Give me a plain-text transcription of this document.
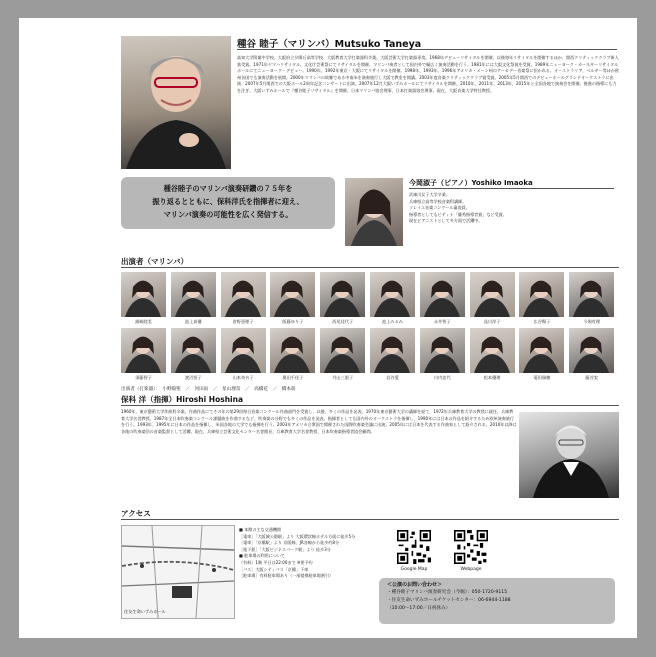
種谷 睦子（マリンバ）Mutsuko Taneya
高知大学附属中学校、大阪府立夕陽丘高等学校、大阪教育大学打楽器科卒業。大阪芸術大学打楽器専攻。1968年デビューリサイタルを開催。以後毎年リサイタルを開催するほか、関西クリティッククラブ新人賞受賞。1971年ヤマハリサイタル、文化庁芸術祭にてリサイタルを開催。マリンバ奏者として国内外で幅広く演奏活動を行う。1981年には大阪文化祭賞を受賞。1989年ニューヨーク・カーネギーリサイタルホールにてニューヨーク・デビュー。1990年、1992年東京・大阪にてリサイタルを開催。1998年、1993年、1996年アメリカ・メーン州のアーカデー音楽祭に招かれる。オーストラリア、ベルギー等ほか欧州各国でも演奏活動を展開。2000年マリンバの故郷である中南米を演奏旅行し大阪で教室を開講。2003年度音楽クリティッククラブ賞受賞。2005年5月関西でのデビューホールグランドオーケストラに出演、2007年5月関西での大阪ホール2周年記念コンサートに出演。2007年12月大阪いずみホールにてリサイタルを開催。2010年、2011年、2013年、2015年と全国各地で演奏会を開催。後進の指導にも力を注ぎ、大阪いずみホールで『種谷睦子リサイタル』を開催。日本マリンバ協会理事、日本打楽器協会理事。現在、大阪音楽大学特任教授。
種谷睦子のマリンバ演奏研鑽の７５年を
振り返るとともに、保科洋氏を指揮者に迎え、
マリンバ演奏の可能性を広く発信する。
今岡淑子（ピアノ）Yoshiko Imaoka
武庫川女子大学卒業。
兵庫県立高等学校音楽科講師。
ソレイユ音楽コンクール審査員。
指導者としてもピティナ「優秀指導者賞」など受賞。
現在ピアニストとして多方面で活躍中。
出演者（マリンバ）
浦崎睦美	池上真優	倉野恵理子	阪藤ゆり子	西尾佳代子	池上みるみ	永井智子	品川淳子	広谷陽子	今堀有理
須藤智子	渡辺恒子	山本奈衣子	奥田千佳子	丹山三重子	岩谷愛	川内忠代	松本優理	菱田瑞穂	藤谷実
出演者（打楽器）：　小野陽聖　／　河田雨　／　星山理奈　／　高橋花　／　橋本萌
保科 洋（指揮）Hiroshi Hoshina
1960年、東京藝術大学作曲科卒業。作曲作品にてその年の第29回毎日音楽コンクール作曲部門を受賞し、以後、多くの作品を発表。1970年東京藝術大学の講師を経て、1972年兵庫教育大学の教授に就任。兵庫教育大学名誉教授。1987年全日本吹奏楽コンクール課題曲を作曲するなど、吹奏楽の分野でも多くの作品を発表。指揮者としても国内外のオーケストラを指揮し、1990年には日本の作品を紹介するため欧州演奏旅行を行う。1993年、1995年に日本の作品を指揮し、米国各地の大学でも指揮を行う。2003年アメリカ合衆国で開催された国際吹奏楽会議に出演。2005年には日本を代表する作曲家として紹介される。2010年以降は各地の吹奏楽団の音楽監督として活躍。現在、兵庫県立芸術文化センター名誉館長、兵庫教育大学名誉教授、日本吹奏楽指導者協会顧問。
アクセス
住友生命いずみホール
■ 本館の主な交通機関
［電車］「大阪城公園駅」より 大阪環状線ホテル方面に徒歩5分
［電車］「京橋駅」より 京阪線、JR各線から徒歩約8分
［地下鉄］「大阪ビジネスパーク駅」より 徒歩3分
■ 駐車場の利用について
（有料）1階 平日は22:00まで ※要予約
［バス］大阪シティバス「京橋」下車
［駐車場］有料駐車場あり（一部提携駐車場割引）
Google Map	Webpage
＜公演のお問い合わせ＞
・種谷睦子マリンバ演奏研究会（今堀）：050-1720-9115
・住友生命いずみホールチケットセンター：06-6944-1188
（10:00〜17:00／日祝休み）
